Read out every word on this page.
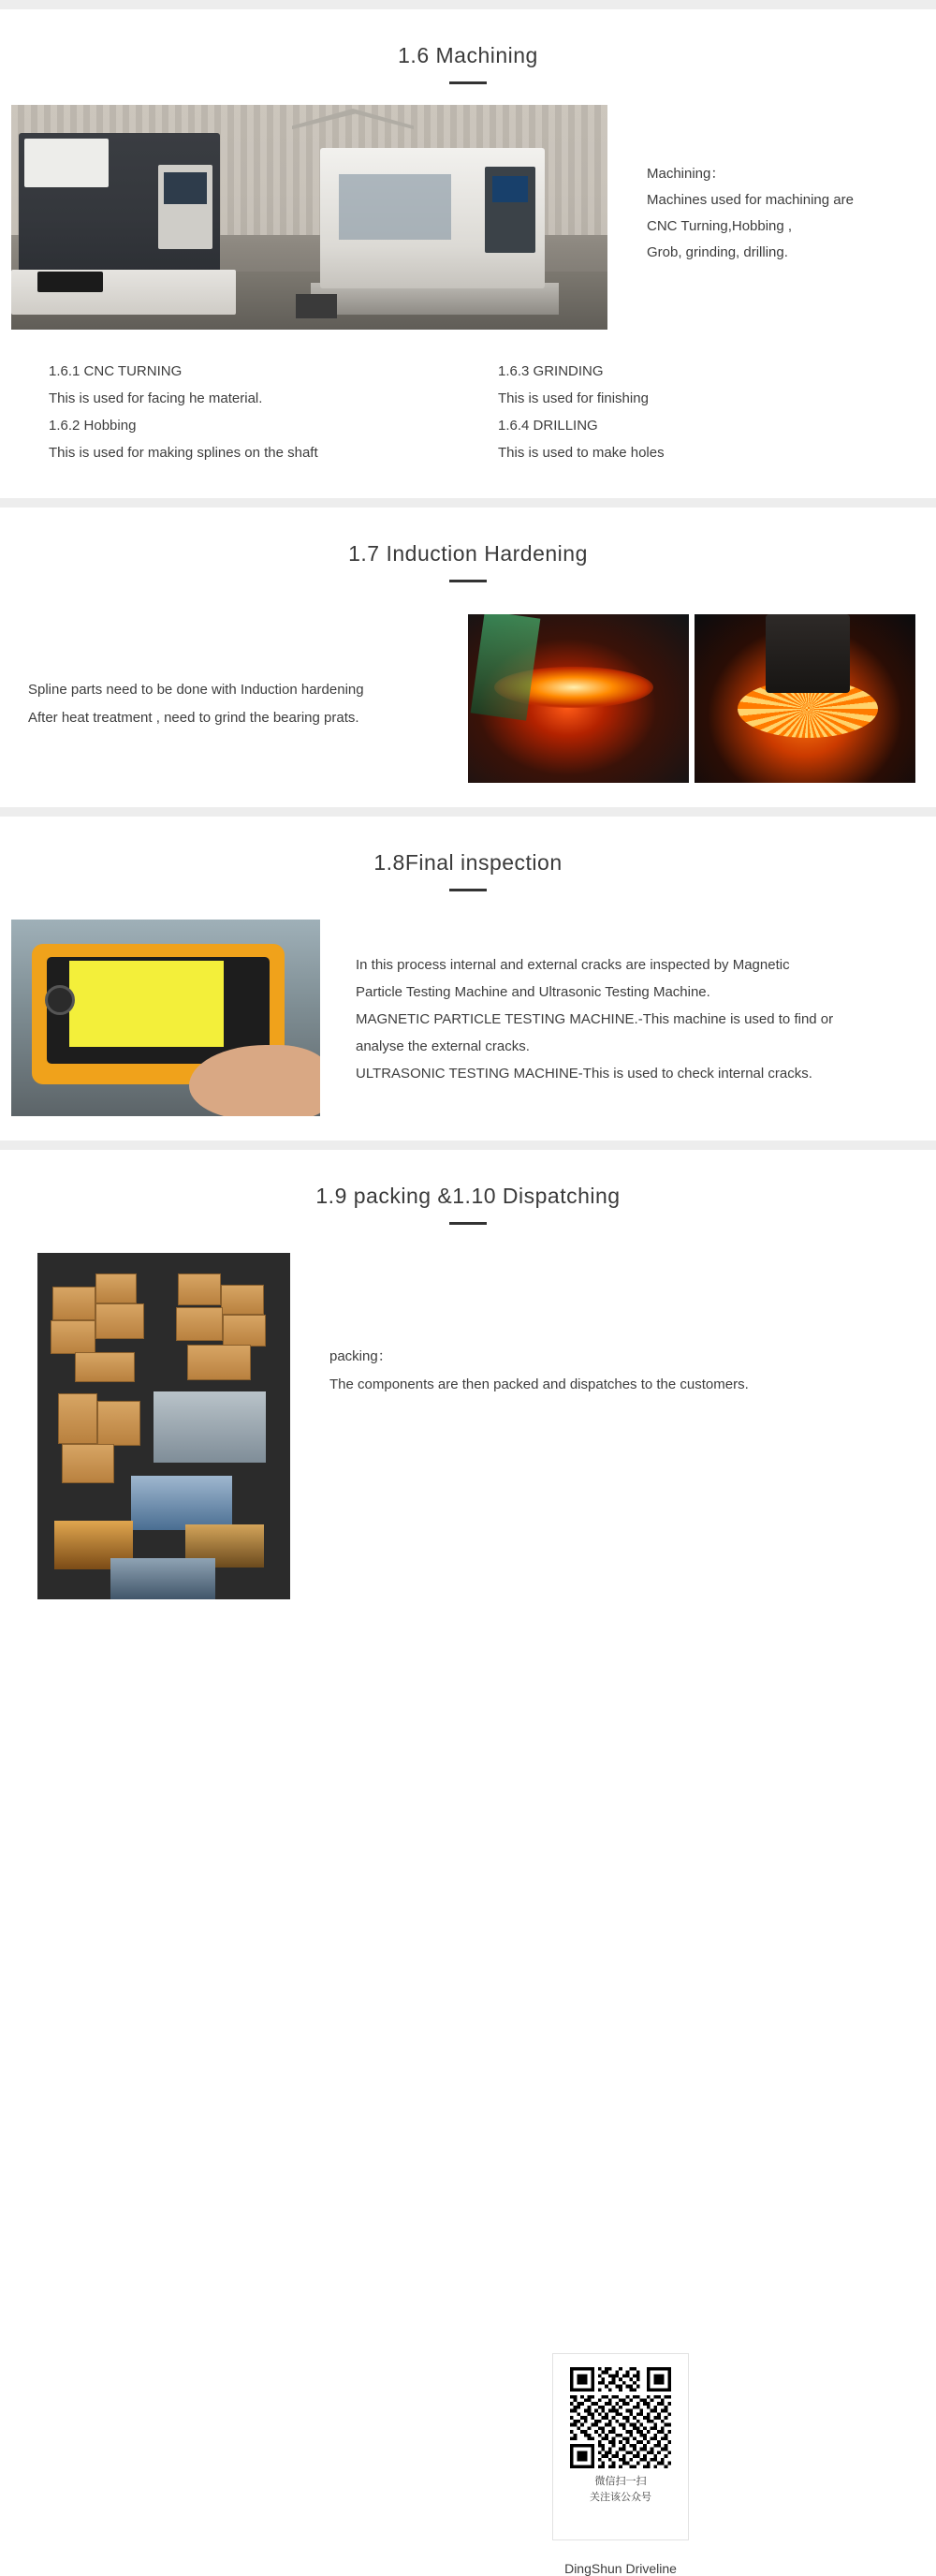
1.6 Machining
Machining：
Machines used for machining are
CNC Turning,Hobbing ,
Grob, grinding, drilling.
1.6.1 CNC TURNING
This is used for facing he material.
1.6.2 Hobbing
This is used for making splines on the shaft
1.6.3 GRINDING
This is used for finishing
1.6.4 DRILLING
This is used to make holes
1.7 Induction Hardening
Spline parts need to be done with Induction hardening
After heat treatment , need to grind the bearing prats.
1.8Final inspection
In this process internal and external cracks are inspected by Magnetic
Particle Testing Machine and Ultrasonic Testing Machine.
MAGNETIC PARTICLE TESTING MACHINE.-This machine is used to find or
analyse the external cracks.
ULTRASONIC TESTING MACHINE-This is used to check internal cracks.
1.9 packing &1.10 Dispatching
packing：
The components are then packed and dispatches to the customers.
微信扫一扫
关注该公众号
DingShun Driveline
